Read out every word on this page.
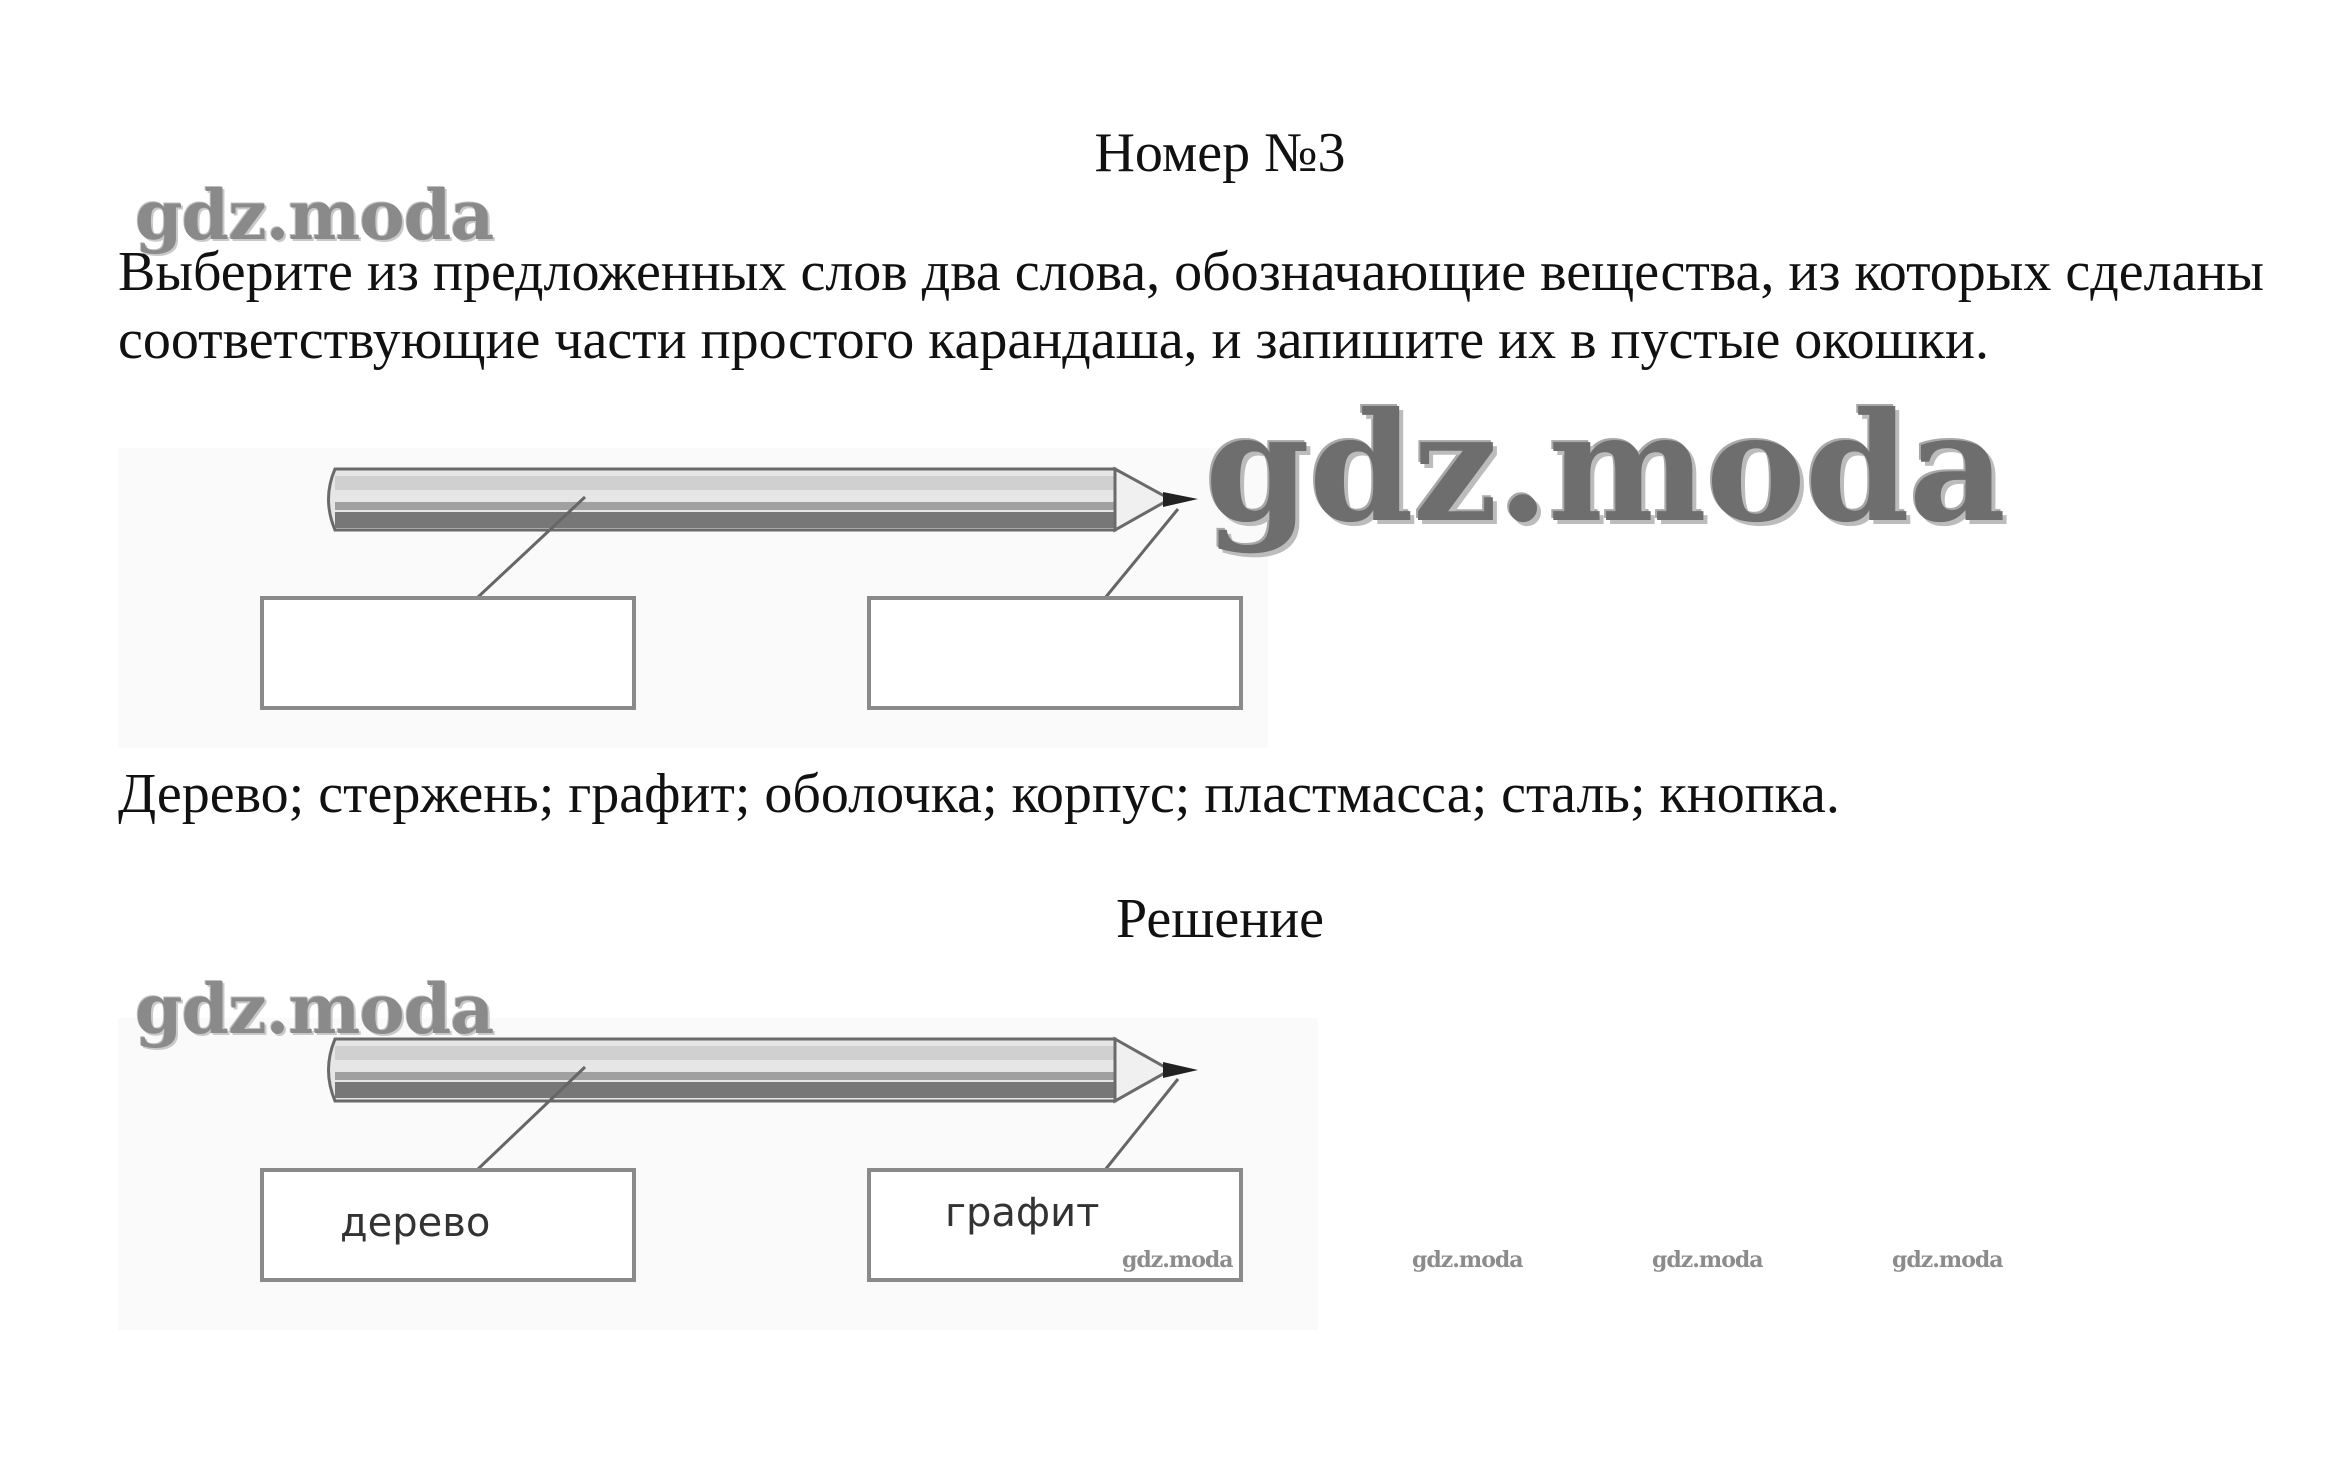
Номер №3
gdz.moda
Выберите из предложенных слов два слова, обозначающие вещества, из которых сделаны соответствующие части простого карандаша, и запишите их в пустые окошки.
gdz.moda
Дерево; стержень; графит; оболочка; корпус; пластмасса; сталь; кнопка.
Решение
gdz.moda
дерево	графит
gdz.moda	gdz.moda	gdz.moda	gdz.moda
